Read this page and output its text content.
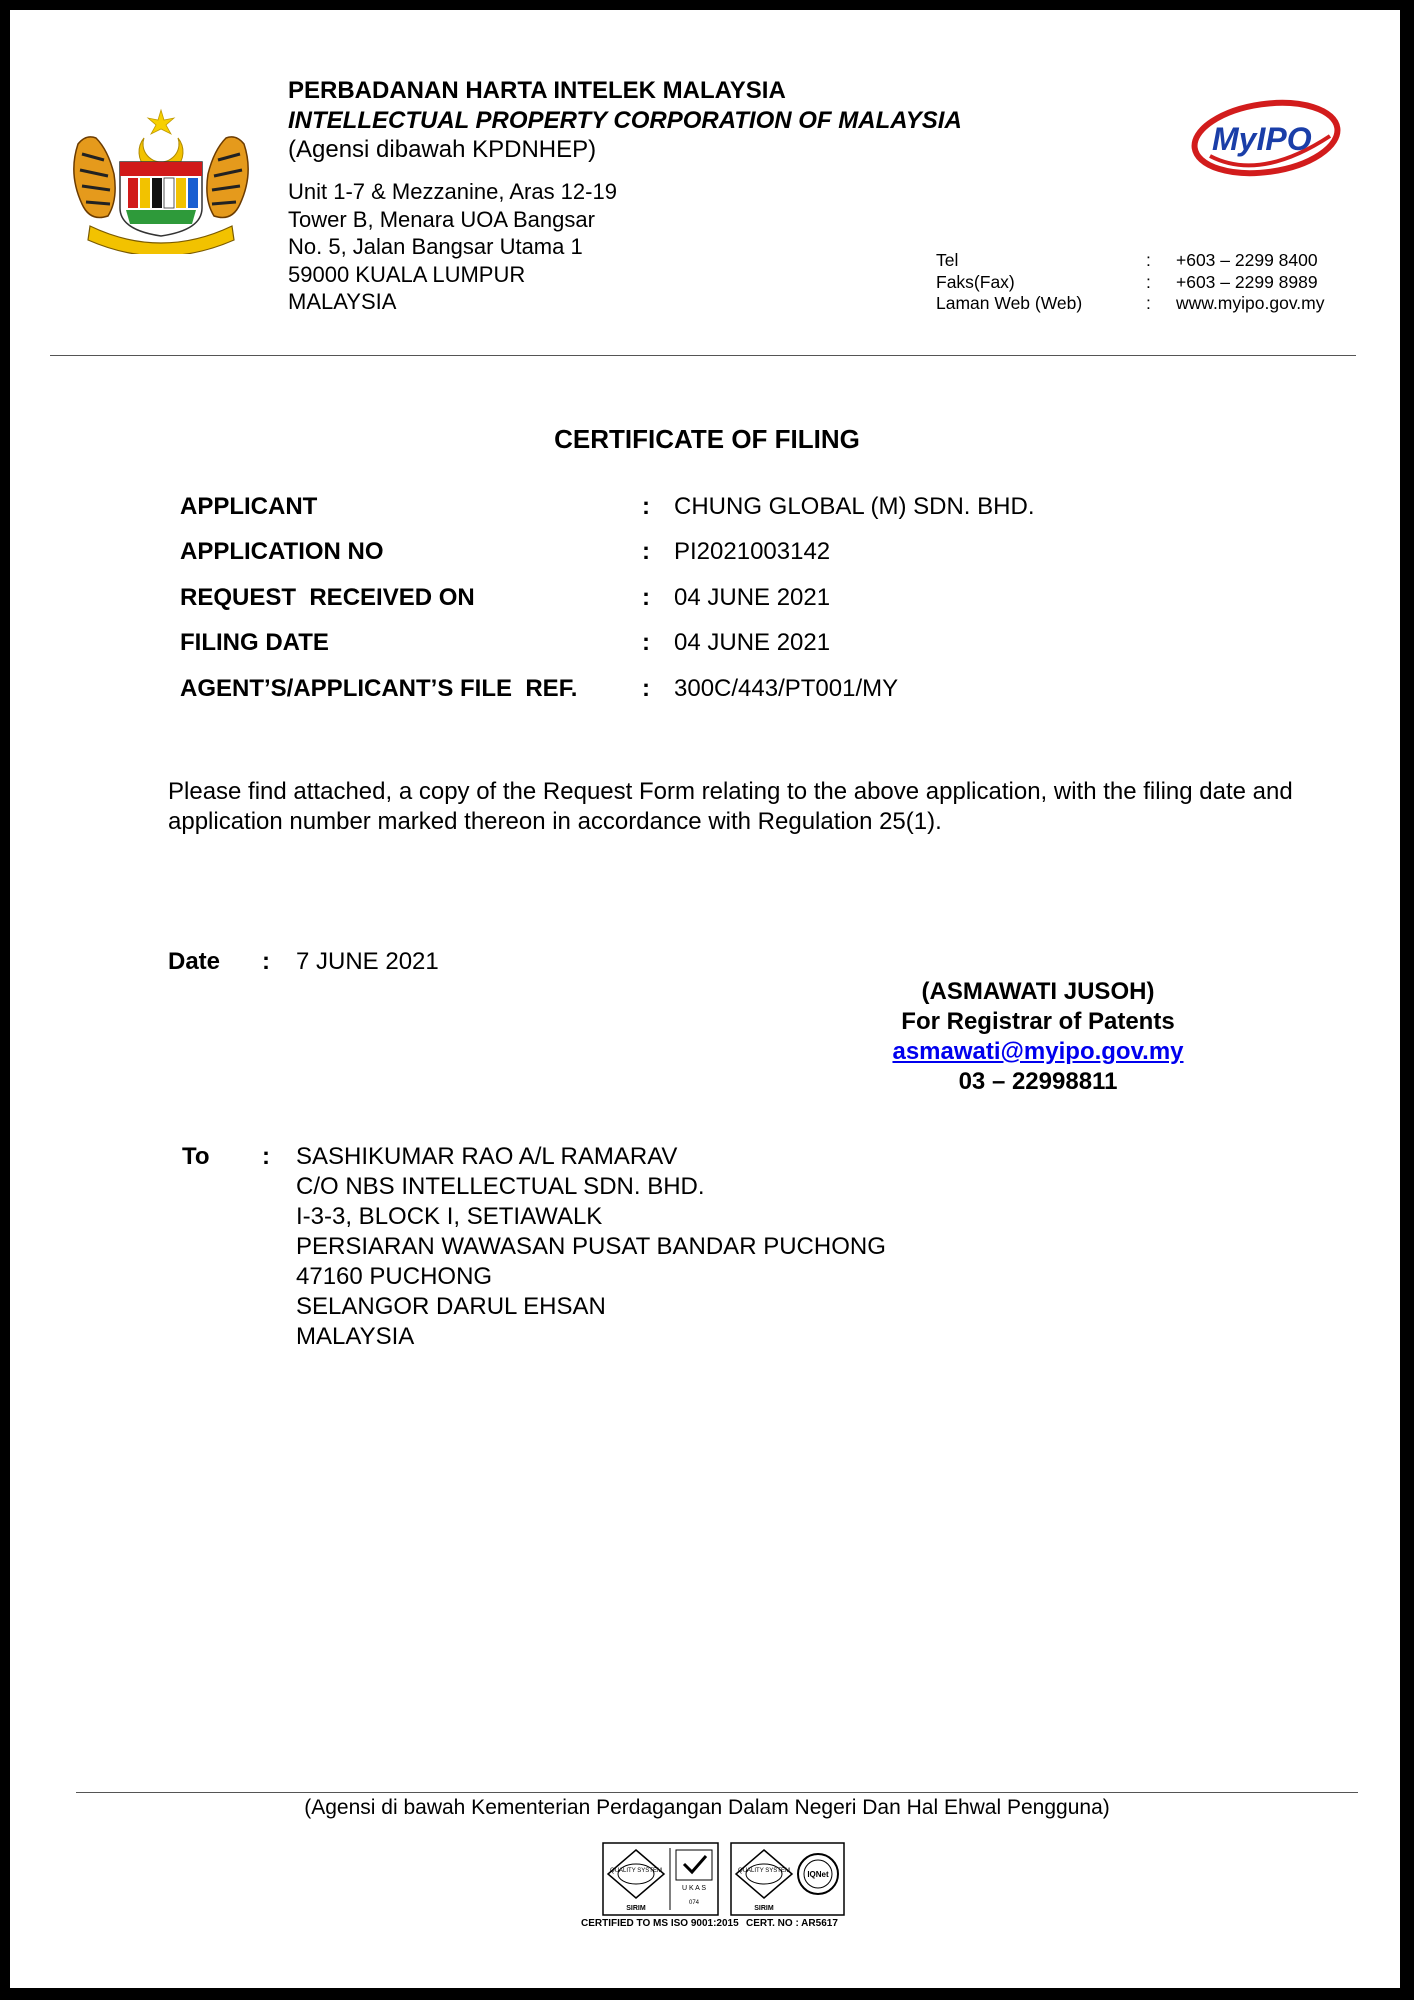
PERBADANAN HARTA INTELEK MALAYSIA
INTELLECTUAL PROPERTY CORPORATION OF MALAYSIA
(Agensi dibawah KPDNHEP)
Unit 1-7 & Mezzanine, Aras 12-19
Tower B, Menara UOA Bangsar
No. 5, Jalan Bangsar Utama 1
59000 KUALA LUMPUR
MALAYSIA
MyIPO
Tel	:	+603 – 2299 8400
Faks(Fax)	:	+603 – 2299 8989
Laman Web (Web)	:	www.myipo.gov.my
CERTIFICATE OF FILING
APPLICANT	:	CHUNG GLOBAL (M) SDN. BHD.
APPLICATION NO	:	PI2021003142
REQUEST  RECEIVED ON	:	04 JUNE 2021
FILING DATE	:	04 JUNE 2021
AGENT’S/APPLICANT’S FILE  REF.	:	300C/443/PT001/MY
Please find attached, a copy of the Request Form relating to the above application, with the filing date and application number marked thereon in accordance with Regulation 25(1).
Date : 7 JUNE 2021
(ASMAWATI JUSOH)
For Registrar of Patents
asmawati@myipo.gov.my
03 – 22998811
To : SASHIKUMAR RAO A/L RAMARAV
C/O NBS INTELLECTUAL SDN. BHD.
I-3-3, BLOCK I, SETIAWALK
PERSIARAN WAWASAN PUSAT BANDAR PUCHONG
47160 PUCHONG
SELANGOR DARUL EHSAN
MALAYSIA
(Agensi di bawah Kementerian Perdagangan Dalam Negeri Dan Hal Ehwal Pengguna)
QUALITY SYSTEM
SIRIM
U K A S
074
QUALITY SYSTEM
SIRIM
IQNet
CERTIFIED TO MS ISO 9001:2015 CERT. NO : AR5617
